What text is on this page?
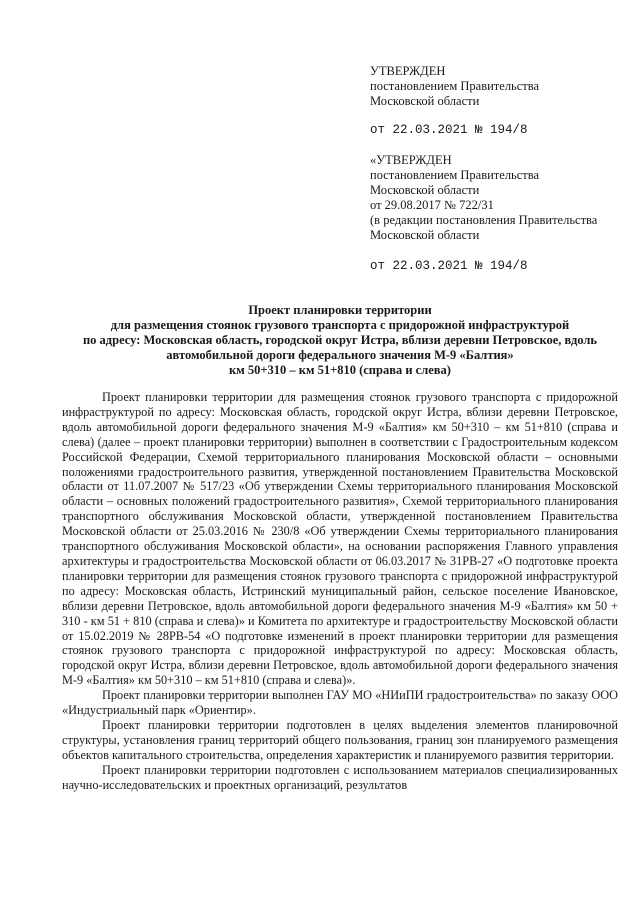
УТВЕРЖДЕН
постановлением Правительства
Московской области
от 22.03.2021 № 194/8
«УТВЕРЖДЕН
постановлением Правительства
Московской области
от 29.08.2017 № 722/31
(в редакции постановления Правительства
Московской области
от 22.03.2021 № 194/8
Проект планировки территории
для размещения стоянок грузового транспорта с придорожной инфраструктурой
по адресу: Московская область, городской округ Истра, вблизи деревни Петровское, вдоль
автомобильной дороги федерального значения М-9 «Балтия»
км 50+310 – км 51+810 (справа и слева)

Проект планировки территории для размещения стоянок грузового транспорта с придорожной инфраструктурой по адресу: Московская область, городской округ Истра, вблизи деревни Петровское, вдоль автомобильной дороги федерального значения М-9 «Балтия» км 50+310 – км 51+810 (справа и слева) (далее – проект планировки территории) выполнен в соответствии с Градостроительным кодексом Российской Федерации, Схемой территориального планирования Московской области – основными положениями градостроительного развития, утвержденной постановлением Правительства Московской области от 11.07.2007 № 517/23 «Об утверждении Схемы территориального планирования Московской области – основных положений градостроительного развития», Схемой территориального планирования транспортного обслуживания Московской области, утвержденной постановлением Правительства Московской области от 25.03.2016 № 230/8 «Об утверждении Схемы территориального планирования транспортного обслуживания Московской области», на основании распоряжения Главного управления архитектуры и градостроительства Московской области от 06.03.2017 № 31РВ-27 «О подготовке проекта планировки территории для размещения стоянок грузового транспорта с придорожной инфраструктурой по адресу: Московская область, Истринский муниципальный район, сельское поселение Ивановское, вблизи деревни Петровское, вдоль автомобильной дороги федерального значения М-9 «Балтия» км 50 + 310 - км 51 + 810 (справа и слева)» и Комитета по архитектуре и градостроительству Московской области от 15.02.2019 № 28РВ-54 «О подготовке изменений в проект планировки территории для размещения стоянок грузового транспорта с придорожной инфраструктурой по адресу: Московская область, городской округ Истра, вблизи деревни Петровское, вдоль автомобильной дороги федерального значения М-9 «Балтия» км 50+310 – км 51+810 (справа и слева)».

Проект планировки территории выполнен ГАУ МО «НИиПИ градостроительства» по заказу ООО «Индустриальный парк «Ориентир».

Проект планировки территории подготовлен в целях выделения элементов планировочной структуры, установления границ территорий общего пользования, границ зон планируемого размещения объектов капитального строительства, определения характеристик и планируемого развития территории.

Проект планировки территории подготовлен с использованием материалов специализированных научно-исследовательских и проектных организаций, результатов
